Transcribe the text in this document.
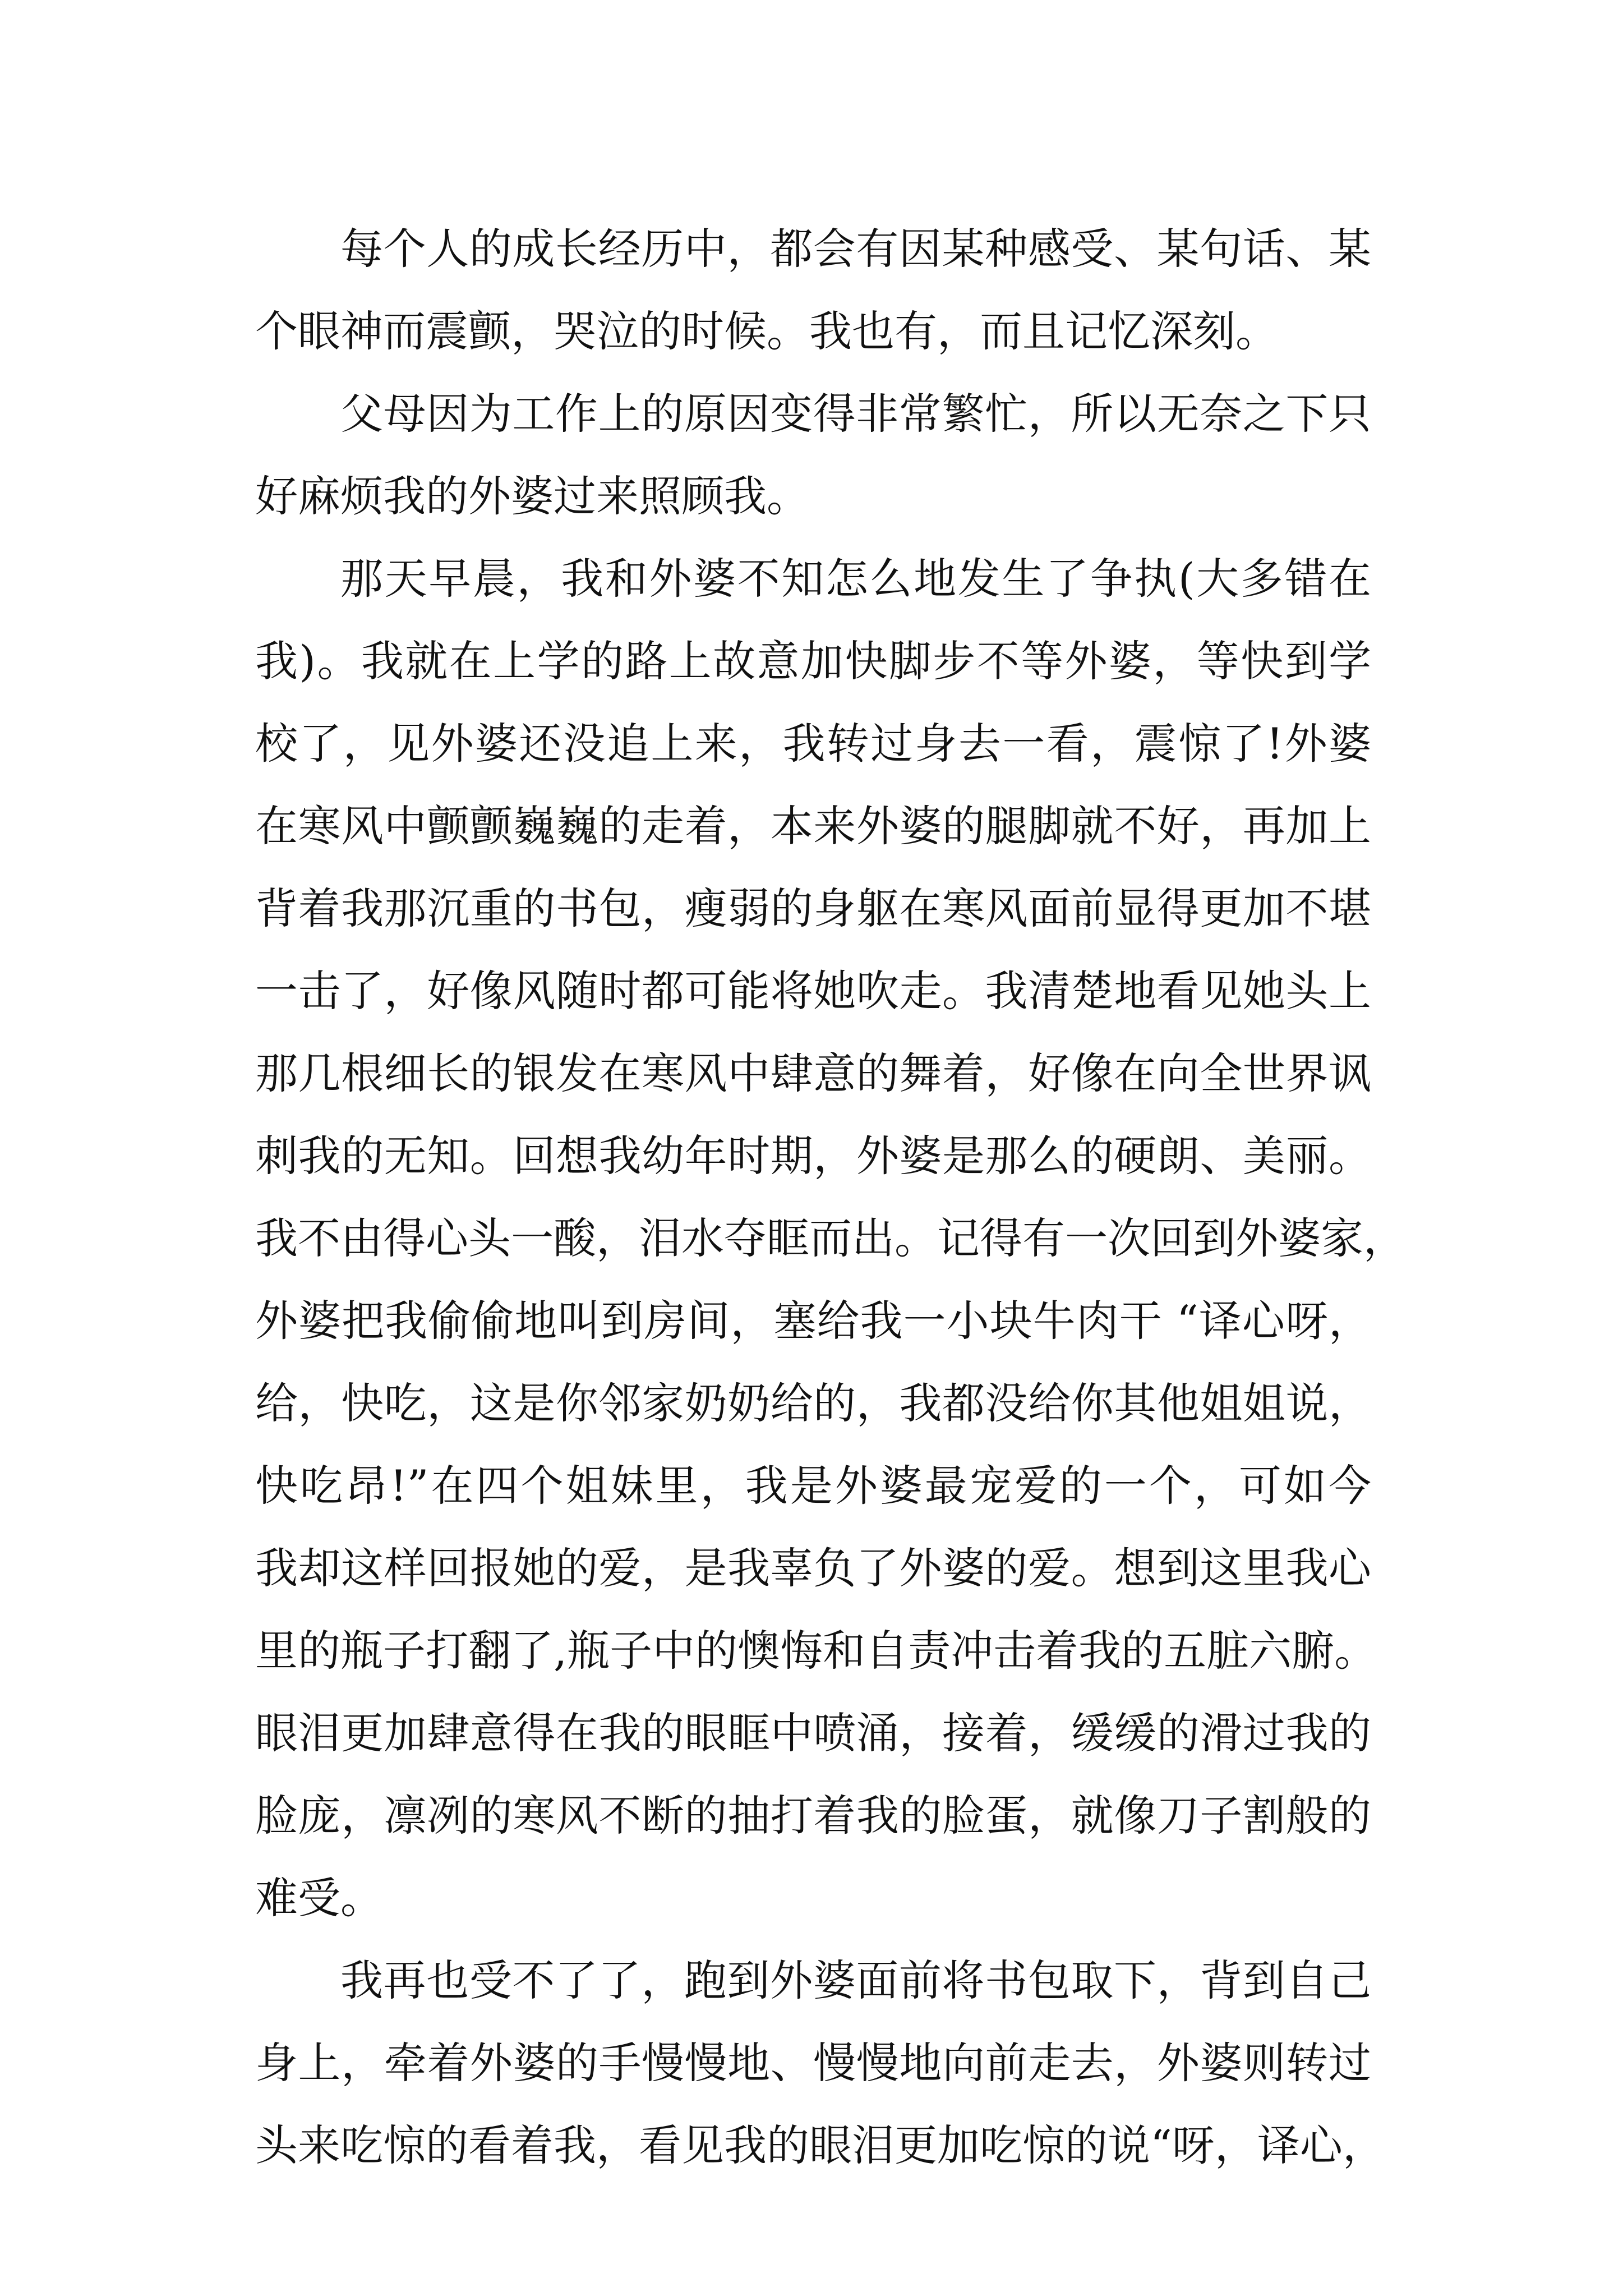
每个人的成长经历中，都会有因某种感受、某句话、某
个眼神而震颤，哭泣的时候。我也有，而且记忆深刻。
父母因为工作上的原因变得非常繁忙，所以无奈之下只
好麻烦我的外婆过来照顾我。
那天早晨，我和外婆不知怎么地发生了争执(大多错在
我)。我就在上学的路上故意加快脚步不等外婆，等快到学
校了，见外婆还没追上来，我转过身去一看，震惊了!外婆
在寒风中颤颤巍巍的走着，本来外婆的腿脚就不好，再加上
背着我那沉重的书包，瘦弱的身躯在寒风面前显得更加不堪
一击了，好像风随时都可能将她吹走。我清楚地看见她头上
那几根细长的银发在寒风中肆意的舞着，好像在向全世界讽
刺我的无知。回想我幼年时期，外婆是那么的硬朗、美丽。
我不由得心头一酸，泪水夺眶而出。记得有一次回到外婆家，
外婆把我偷偷地叫到房间，塞给我一小块牛肉干 “译心呀，
给，快吃，这是你邻家奶奶给的，我都没给你其他姐姐说，
快吃昂!”在四个姐妹里，我是外婆最宠爱的一个，可如今
我却这样回报她的爱，是我辜负了外婆的爱。想到这里我心
里的瓶子打翻了,瓶子中的懊悔和自责冲击着我的五脏六腑。
眼泪更加肆意得在我的眼眶中喷涌，接着，缓缓的滑过我的
脸庞，凛冽的寒风不断的抽打着我的脸蛋，就像刀子割般的
难受。
我再也受不了了，跑到外婆面前将书包取下，背到自己
身上，牵着外婆的手慢慢地、慢慢地向前走去，外婆则转过
头来吃惊的看着我，看见我的眼泪更加吃惊的说“呀，译心，
